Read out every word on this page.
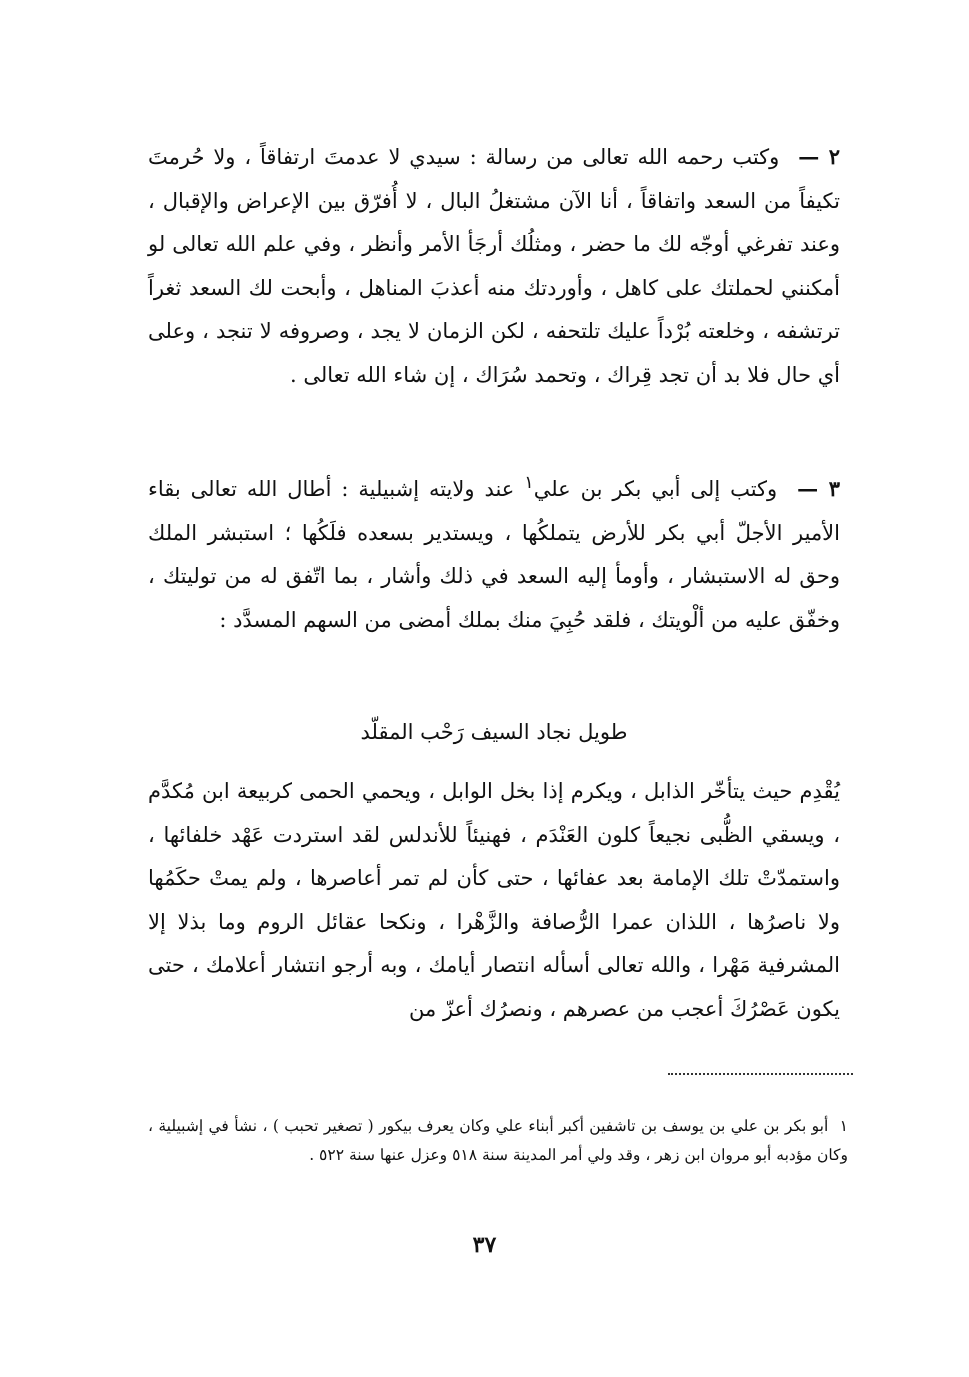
٢ — وكتب رحمه الله تعالى من رسالة : سيدي لا عدمتَ ارتفاقاً ، ولا حُرمتَ تكيفاً من السعد واتفاقاً ، أنا الآن مشتغلُ البال ، لا أُفرّق بين الإعراض والإقبال ، وعند تفرغي أوجّه لك ما حضر ، ومثلُك أرجَأ الأمر وأنظر ، وفي علم الله تعالى لو أمكنني لحملتك على كاهل ، وأوردتك منه أعذبَ المناهل ، وأبحت لك السعد ثغراً ترتشفه ، وخلعته بُرْداً عليك تلتحفه ، لكن الزمان لا يجد ، وصروفه لا تنجد ، وعلى أي حال فلا بد أن تجد قِراك ، وتحمد سُرَاك ، إن شاء الله تعالى .

٣ — وكتب إلى أبي بكر بن علي$^١$ عند ولايته إشبيلية : أطال الله تعالى بقاء الأمير الأجلّ أبي بكر للأرض يتملكُها ، ويستدير بسعده فلَكُها ؛ استبشر الملك وحق له الاستبشار ، وأومأ إليه السعد في ذلك وأشار ، بما اتّفق له من توليتك ، وخفّق عليه من ألْويتك ، فلقد حُبِيَ منك بملك أمضى من السهم المسدَّد :

طويل نجاد السيف رَحْب المقلّد

يُقْدِم حيث يتأخّر الذابل ، ويكرم إذا بخل الوابل ، ويحمي الحمى كربيعة ابن مُكدَّم ، ويسقي الظُّبى نجيعاً كلون العَنْدَم ، فهنيئاً للأندلس لقد استردت عَهْد خلفائها ، واستمدّتْ تلك الإمامة بعد عفائها ، حتى كأن لم تمر أعاصرها ، ولم يمتْ حكَمُها ولا ناصرُها ، اللذان عمرا الرُّصافة والزَّهْرا ، ونكحا عقائل الروم وما بذلا إلا المشرفية مَهْرا ، والله تعالى أسأله انتصار أيامك ، وبه أرجو انتشار أعلامك ، حتى يكون عَصْرُكَ أعجب من عصرهم ، ونصرُك أعزّ من

١ أبو بكر بن علي بن يوسف بن تاشفين أكبر أبناء علي وكان يعرف بيكور ( تصغير تحبب ) ، نشأ في إشبيلية ، وكان مؤدبه أبو مروان ابن زهر ، وقد ولي أمر المدينة سنة ٥١٨ وعزل عنها سنة ٥٢٢ .

٣٧
